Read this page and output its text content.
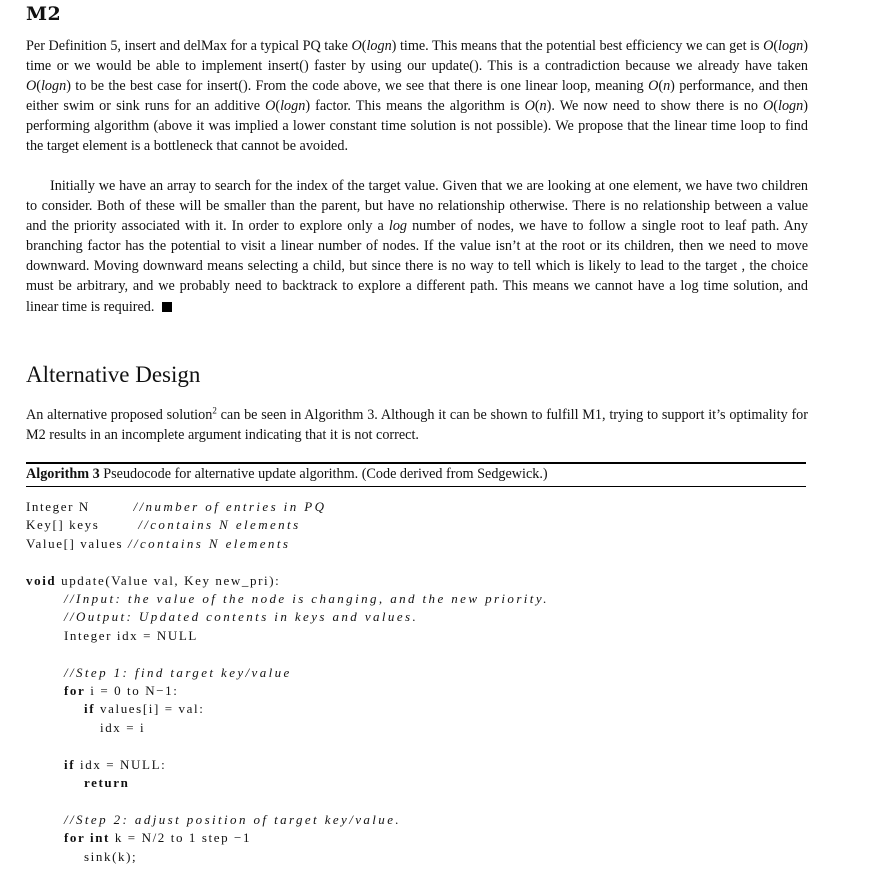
M2

Per Definition 5, insert and delMax for a typical PQ take O(logn) time. This means that the potential best efficiency we can get is O(logn) time or we would be able to implement insert() faster by using our update(). This is a contradiction because we already have taken O(logn) to be the best case for insert(). From the code above, we see that there is one linear loop, meaning O(n) performance, and then either swim or sink runs for an additive O(logn) factor. This means the algorithm is O(n). We now need to show there is no O(logn) performing algorithm (above it was implied a lower constant time solution is not possible). We propose that the linear time loop to find the target element is a bottleneck that cannot be avoided.

Initially we have an array to search for the index of the target value. Given that we are looking at one element, we have two children to consider. Both of these will be smaller than the parent, but have no relationship otherwise. There is no relationship between a value and the priority associated with it. In order to explore only a log number of nodes, we have to follow a single root to leaf path. Any branching factor has the potential to visit a linear number of nodes. If the value isn’t at the root or its children, then we need to move downward. Moving downward means selecting a child, but since there is no way to tell which is likely to lead to the target , the choice must be arbitrary, and we probably need to backtrack to explore a different path. This means we cannot have a log time solution, and linear time is required.

Alternative Design

An alternative proposed solution$^2$ can be seen in Algorithm 3. Although it can be shown to fulfill M1, trying to support it’s optimality for M2 results in an incomplete argument indicating that it is not correct.

Algorithm 3 Pseudocode for alternative update algorithm. (Code derived from Sedgewick.)
Integer N         //number of entries in PQ
Key[] keys        //contains N elements
Value[] values //contains N elements
void update(Value val, Key new_pri):
//Input: the value of the node is changing, and the new priority.
//Output: Updated contents in keys and values.
Integer idx = NULL
//Step 1: find target key/value
for i = 0 to N−1:
if values[i] = val:
idx = i
if idx = NULL:
return
//Step 2: adjust position of target key/value.
for int k = N/2 to 1 step −1
sink(k);
